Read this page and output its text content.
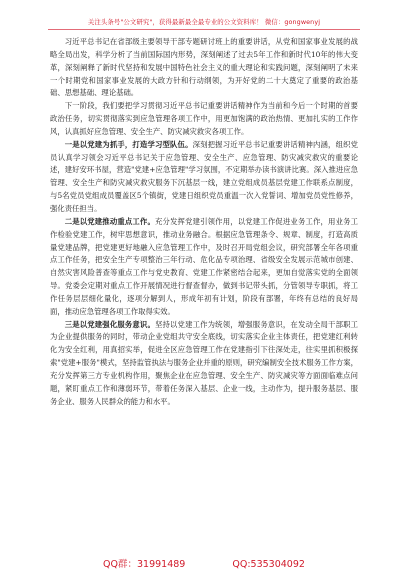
关注头条号"公文研究"，获得最新最全最专业的公文资料库！ 微信：gongwenyj

习近平总书记在省部级主要领导干部专题研讨班上的重要讲话，从党和国家事业发展的战略全局出发，科学分析了当前国际国内形势，深刻阐述了过去5年工作和新时代10年的伟大变革，深刻阐释了新时代坚持和发展中国特色社会主义的重大理论和实践问题，深刻阐明了未来一个时期党和国家事业发展的大政方针和行动纲领，为开好党的二十大奠定了重要的政治基础、思想基础、理论基础。

下一阶段，我们要把学习贯彻习近平总书记重要讲话精神作为当前和今后一个时期的首要政治任务，切实贯彻落实到应急管理各项工作中，用更加饱满的政治热情、更加扎实的工作作风，认真抓好应急管理、安全生产、防灾减灾救灾各项工作。

一是以党建为抓手，打造学习型队伍。深刻把握习近平总书记重要讲话精神内涵，组织党员认真学习领会习近平总书记关于应急管理、安全生产、应急管理、防灾减灾救灾的重要论述，建好安环书屋，营造"党建+应急管理"学习氛围，不定期举办读书演讲比赛。深入推进应急管理、安全生产和防灾减灾救灾服务下沉基层一线，建立党组成员基层党建工作联系点制度，与5名党员党组成员覆盖区5个镇街，党建日组织党员重温一次入党誓词、增加党员党性修养，强化责任担当。

二是以党建推动重点工作。充分发挥党建引领作用，以党建工作促进业务工作，用业务工作检验党建工作，树牢思想意识，推动业务融合。根据应急管理条令、规章、制度，打造高质量党建品牌，把党建更好地融入应急管理工作中，及时召开局党组会议，研究部署全年各项重点工作任务，把安全生产专项整治三年行动、危化品专项治理、省级安全发展示范城市创建、自然灾害风险普查等重点工作与党史教育、党建工作紧密结合起来，更加自觉落实党的全面领导。党委会定期对重点工作开展情况进行督查督办，做到书记带头抓，分管领导专职抓，将工作任务层层细化量化，逐项分解到人，形成年初有计划，阶段有部署，年终有总结的良好局面，推动应急管理各项工作取得实效。

三是以党建强化服务意识。坚持以党建工作为统领，增强服务意识，在发动全局干部职工为企业提供服务的同时，带动企业党组共守安全底线，切实落实企业主体责任，把党建红利转化为安全红利，用真招实举，促进全区应急管理工作在党建指引下往深处走，往实里抓积极探索"党建+服务"模式，坚持监管执法与服务企业并重的原则，研究编制安全技术服务工作方案，充分发挥第三方专业机构作用，聚焦企业在应急管理、安全生产、防灾减灾等方面面临难点问题，紧盯重点工作和薄弱环节，带着任务深入基层、企业一线，主动作为，提升服务基层、服务企业、服务人民群众的能力和水平。

QQ群：31991489	QQ:535304092
